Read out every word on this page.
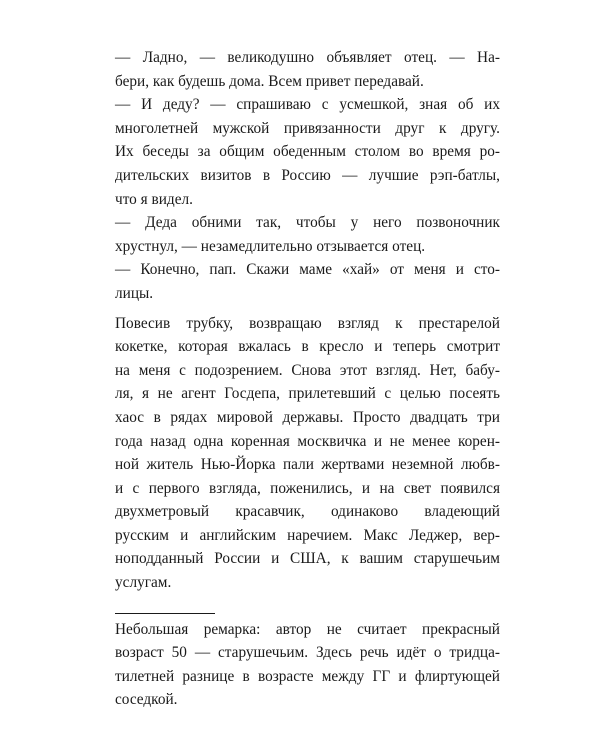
— Ладно, — великодушно объявляет отец. — На-
бери, как будешь дома. Всем привет передавай.
— И деду? — спрашиваю с усмешкой, зная об их
многолетней мужской привязанности друг к другу.
Их беседы за общим обеденным столом во время ро-
дительских визитов в Россию — лучшие рэп-батлы,
что я видел.
— Деда обними так, чтобы у него позвоночник
хрустнул, — незамедлительно отзывается отец.
— Конечно, пап. Скажи маме «хай» от меня и сто-
лицы.
Повесив трубку, возвращаю взгляд к престарелой
кокетке, которая вжалась в кресло и теперь смотрит
на меня с подозрением. Снова этот взгляд. Нет, бабу-
ля, я не агент Госдепа, прилетевший с целью посеять
хаос в рядах мировой державы. Просто двадцать три
года назад одна коренная москвичка и не менее корен-
ной житель Нью-Йорка пали жертвами неземной любв-
и с первого взгляда, поженились, и на свет появился
двухметровый красавчик, одинаково владеющий
русским и английским наречием. Макс Леджер, вер-
ноподданный России и США, к вашим старушечьим
услугам.
Небольшая ремарка: автор не считает прекрасный
возраст 50 — старушечьим. Здесь речь идёт о тридца-
тилетней разнице в возрасте между ГГ и флиртующей
соседкой.
